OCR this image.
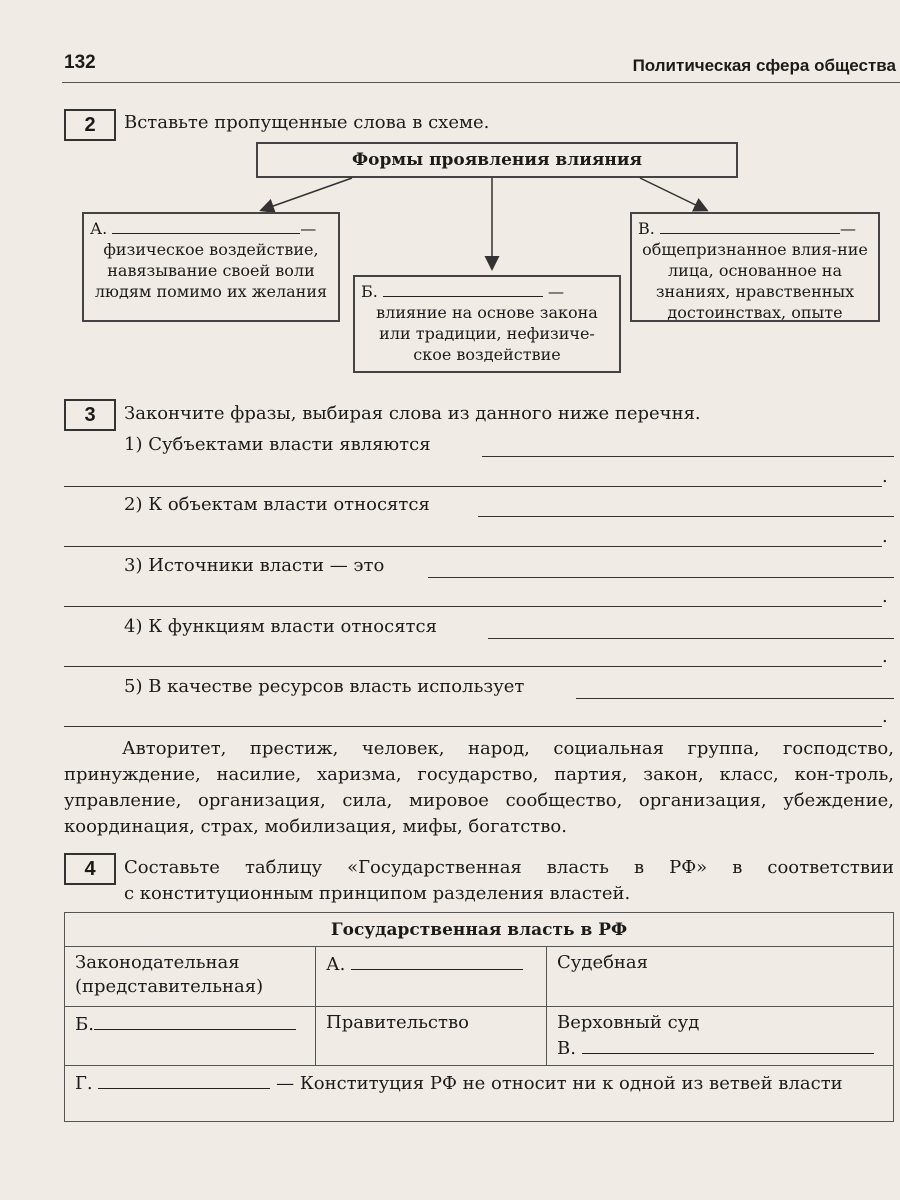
132	Политическая сфера общества
2	Вставьте пропущенные слова в схеме.
Формы проявления влияния
А.	—
физическое воздействие, навязывание своей воли людям помимо их желания	Б.	—
влияние на основе закона или традиции, нефизиче-ское воздействие
В.	—
общепризнанное влия-ние лица, основанное на знаниях, нравственных достоинствах, опыте
3	Закончите фразы, выбирая слова из данного ниже перечня.
1) Субъектами власти являются
.
2) К объектам власти относятся
.
3) Источники власти — это
.
4) К функциям власти относятся
.
5) В качестве ресурсов власть использует
.
Авторитет, престиж, человек, народ, социальная группа, господство, принуждение, насилие, харизма, государство, партия, закон, класс, кон-троль, управление, организация, сила, мировое сообщество, организация, убеждение, координация, страх, мобилизация, мифы, богатство.
4	Составьте таблицу «Государственная власть в РФ» в соответствии
с конституционным принципом разделения властей.
Государственная власть в РФ		
Законодательная (представительная)	А.	Судебная
Б.	Правительство	Верховный суд
В.

Г. — Конституция РФ не относит ни к одной из ветвей власти		
